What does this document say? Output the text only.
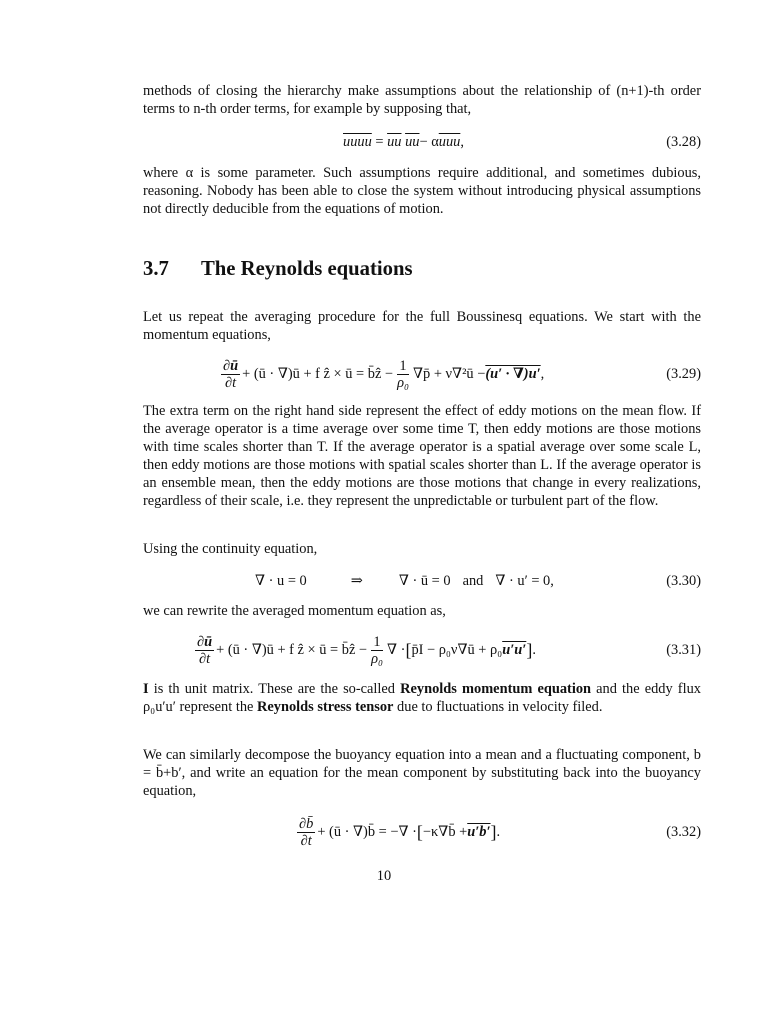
methods of closing the hierarchy make assumptions about the relationship of (n+1)-th order terms to n-th order terms, for example by supposing that,
uuuu = $\overline{uu}$
$\overline{uu} - \alpha$ $\overline{uuu}$ ,	(3.28)
where α is some parameter. Such assumptions require additional, and sometimes dubious, reasoning. Nobody has been able to close the system without introducing physical assumptions not directly deducible from the equations of motion.
3.7 The Reynolds equations
Let us repeat the averaging procedure for the full Boussinesq equations. We start with the momentum equations,
$\frac{\partial ū}{\partial t}$ + (ū · ∇)ū + f ẑ × ū = b̄ẑ − $\frac{1}{\text{ρ₀}}$ ∇p̄ + ν∇²ū − (u′ · ∇)u′ ,	(3.29)
The extra term on the right hand side represent the effect of eddy motions on the mean flow. If the average operator is a time average over some time T, then eddy motions are those motions with time scales shorter than T. If the average operator is a spatial average over some scale L, then eddy motions are those motions with spatial scales shorter than L. If the average operator is an ensemble mean, then the eddy motions are those motions that change in every realizations, regardless of their scale, i.e. they represent the unpredictable or turbulent part of the flow.
Using the continuity equation,
∇ · u = 0	⇒	∇ · ū = 0 and ∇ · u′ = 0,	(3.30)
we can rewrite the averaged momentum equation as,
$\frac{\partial ū}{\partial t}$ + (ū · ∇)ū + f ẑ × ū = b̄ẑ − $\frac{1}{\text{ρ₀}}$ ∇ · [ p̄I − ρ₀ν∇ū + ρ₀ u′u′ ] .	(3.31)
I is th unit matrix. These are the so-called Reynolds momentum equation and the eddy flux ρ₀u′u′ represent the Reynolds stress tensor due to fluctuations in velocity filed.
We can similarly decompose the buoyancy equation into a mean and a fluctuating component, b = b̄+b′, and write an equation for the mean component by substituting back into the buoyancy equation,
$\frac{\partial b̄}{\partial t}$ + (ū · ∇)b̄ = −∇ · [ −κ∇b̄ + u′b′ ] .	(3.32)
10
